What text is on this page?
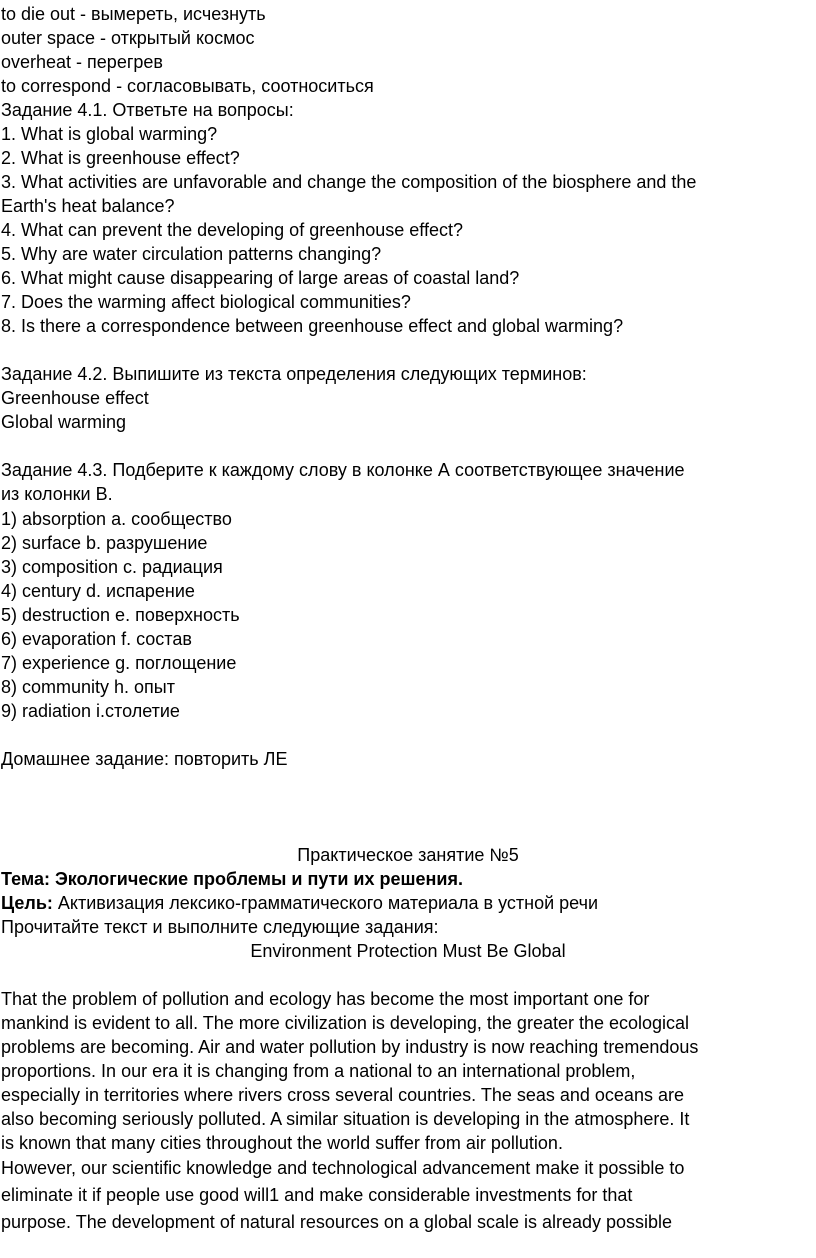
to die out - вымереть, исчезнуть
outer space - открытый космос
overheat - перегрев
to correspond - согласовывать, соотноситься
Задание 4.1. Ответьте на вопросы:
1. What is global warming?
2. What is greenhouse effect?
3. What activities are unfavorable and change the composition of the biosphere and the
Earth's heat balance?
4. What can prevent the developing of greenhouse effect?
5. Why are water circulation patterns changing?
6. What might cause disappearing of large areas of coastal land?
7. Does the warming affect biological communities?
8. Is there a correspondence between greenhouse effect and global warming?
Задание 4.2. Выпишите из текста определения следующих терминов:
Greenhouse effect
Global warming
Задание 4.3. Подберите к каждому слову в колонке А соответствующее значение
из колонки В.
1) absorption a. сообщество
2) surface b. разрушение
3) composition c. радиация
4) century d. испарение
5) destruction e. поверхность
6) evaporation f. состав
7) experience g. поглощение
8) community h. опыт
9) radiation i.столетие
Домашнее задание: повторить ЛЕ
Практическое занятие №5
Тема: Экологические проблемы и пути их решения.
Цель: Активизация лексико-грамматического материала в устной речи
Прочитайте текст и выполните следующие задания:
Environment Protection Must Be Global
That the problem of pollution and ecology has become the most important one for
mankind is evident to all. The more civilization is developing, the greater the ecological
problems are becoming. Air and water pollution by industry is now reaching tremendous
proportions. In our era it is changing from a national to an international problem,
especially in territories where rivers cross several countries. The seas and oceans are
also becoming seriously polluted. A similar situation is developing in the atmosphere. It
is known that many cities throughout the world suffer from air pollution.
However, our scientific knowledge and technological advancement make it possible to
eliminate it if people use good will1 and make considerable investments for that
purpose. The development of natural resources on a global scale is already possible
